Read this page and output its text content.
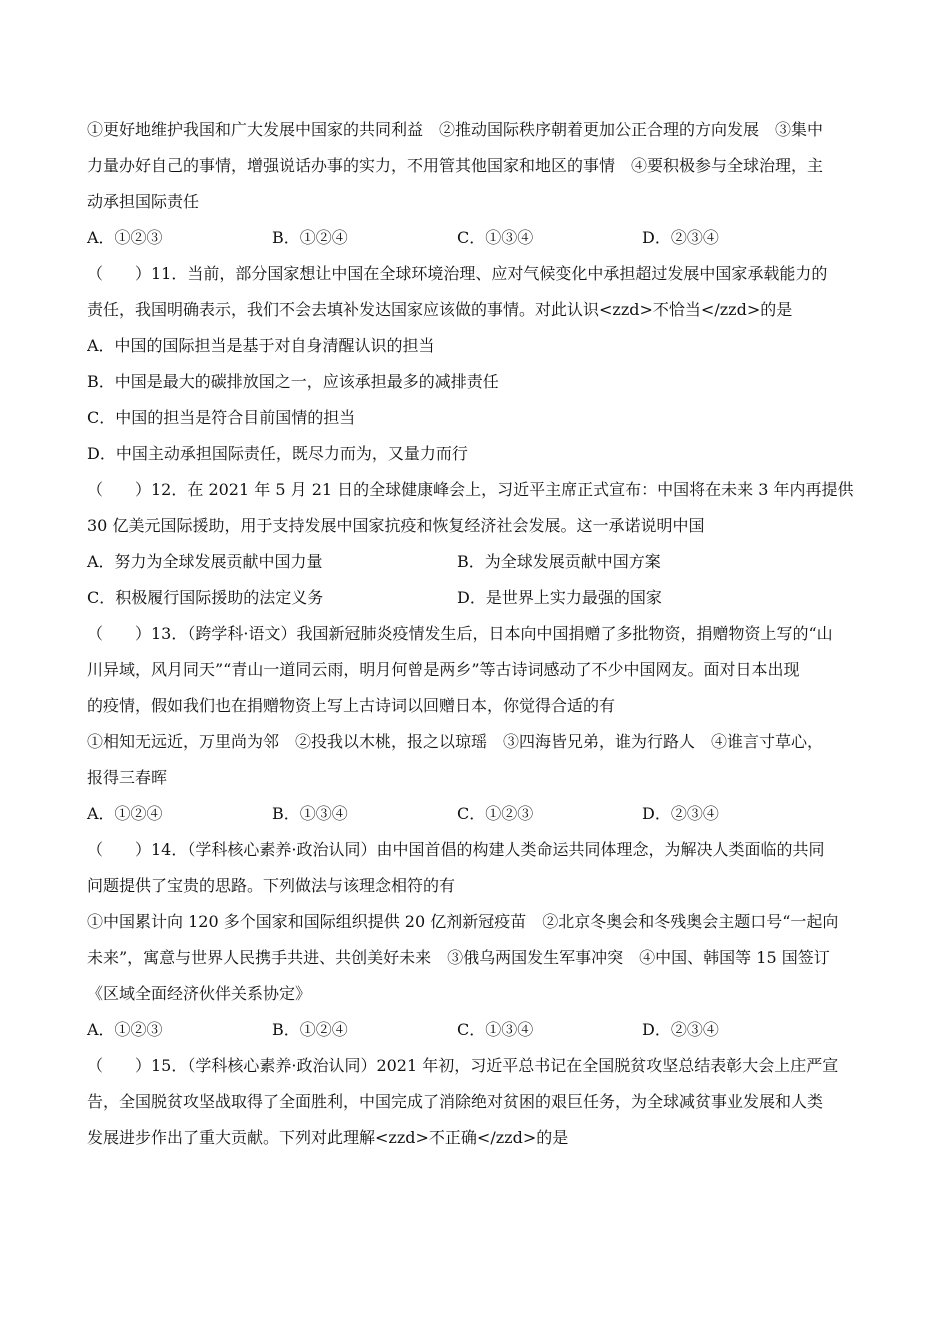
①更好地维护我国和广大发展中国家的共同利益　②推动国际秩序朝着更加公正合理的方向发展　③集中
力量办好自己的事情，增强说话办事的实力，不用管其他国家和地区的事情　④要积极参与全球治理，主
动承担国际责任
A．①②③	B．①②④	C．①③④	D．②③④
（　　）11．当前，部分国家想让中国在全球环境治理、应对气候变化中承担超过发展中国家承载能力的
责任，我国明确表示，我们不会去填补发达国家应该做的事情。对此认识<zzd>不恰当</zzd>的是
A．中国的国际担当是基于对自身清醒认识的担当
B．中国是最大的碳排放国之一，应该承担最多的减排责任
C．中国的担当是符合目前国情的担当
D．中国主动承担国际责任，既尽力而为，又量力而行
（　　）12．在 2021 年 5 月 21 日的全球健康峰会上，习近平主席正式宣布：中国将在未来 3 年内再提供
30 亿美元国际援助，用于支持发展中国家抗疫和恢复经济社会发展。这一承诺说明中国
A．努力为全球发展贡献中国力量	B．为全球发展贡献中国方案
C．积极履行国际援助的法定义务	D．是世界上实力最强的国家
（　　）13．（跨学科·语文）我国新冠肺炎疫情发生后，日本向中国捐赠了多批物资，捐赠物资上写的“山
川异域，风月同天”“青山一道同云雨，明月何曾是两乡”等古诗词感动了不少中国网友。面对日本出现
的疫情，假如我们也在捐赠物资上写上古诗词以回赠日本，你觉得合适的有
①相知无远近，万里尚为邻　②投我以木桃，报之以琼瑶　③四海皆兄弟，谁为行路人　④谁言寸草心，
报得三春晖
A．①②④	B．①③④	C．①②③	D．②③④
（　　）14．（学科核心素养·政治认同）由中国首倡的构建人类命运共同体理念，为解决人类面临的共同
问题提供了宝贵的思路。下列做法与该理念相符的有
①中国累计向 120 多个国家和国际组织提供 20 亿剂新冠疫苗　②北京冬奥会和冬残奥会主题口号“一起向
未来”，寓意与世界人民携手共进、共创美好未来　③俄乌两国发生军事冲突　④中国、韩国等 15 国签订
《区域全面经济伙伴关系协定》
A．①②③	B．①②④	C．①③④	D．②③④
（　　）15．（学科核心素养·政治认同）2021 年初，习近平总书记在全国脱贫攻坚总结表彰大会上庄严宣
告，全国脱贫攻坚战取得了全面胜利，中国完成了消除绝对贫困的艰巨任务，为全球减贫事业发展和人类
发展进步作出了重大贡献。下列对此理解<zzd>不正确</zzd>的是
